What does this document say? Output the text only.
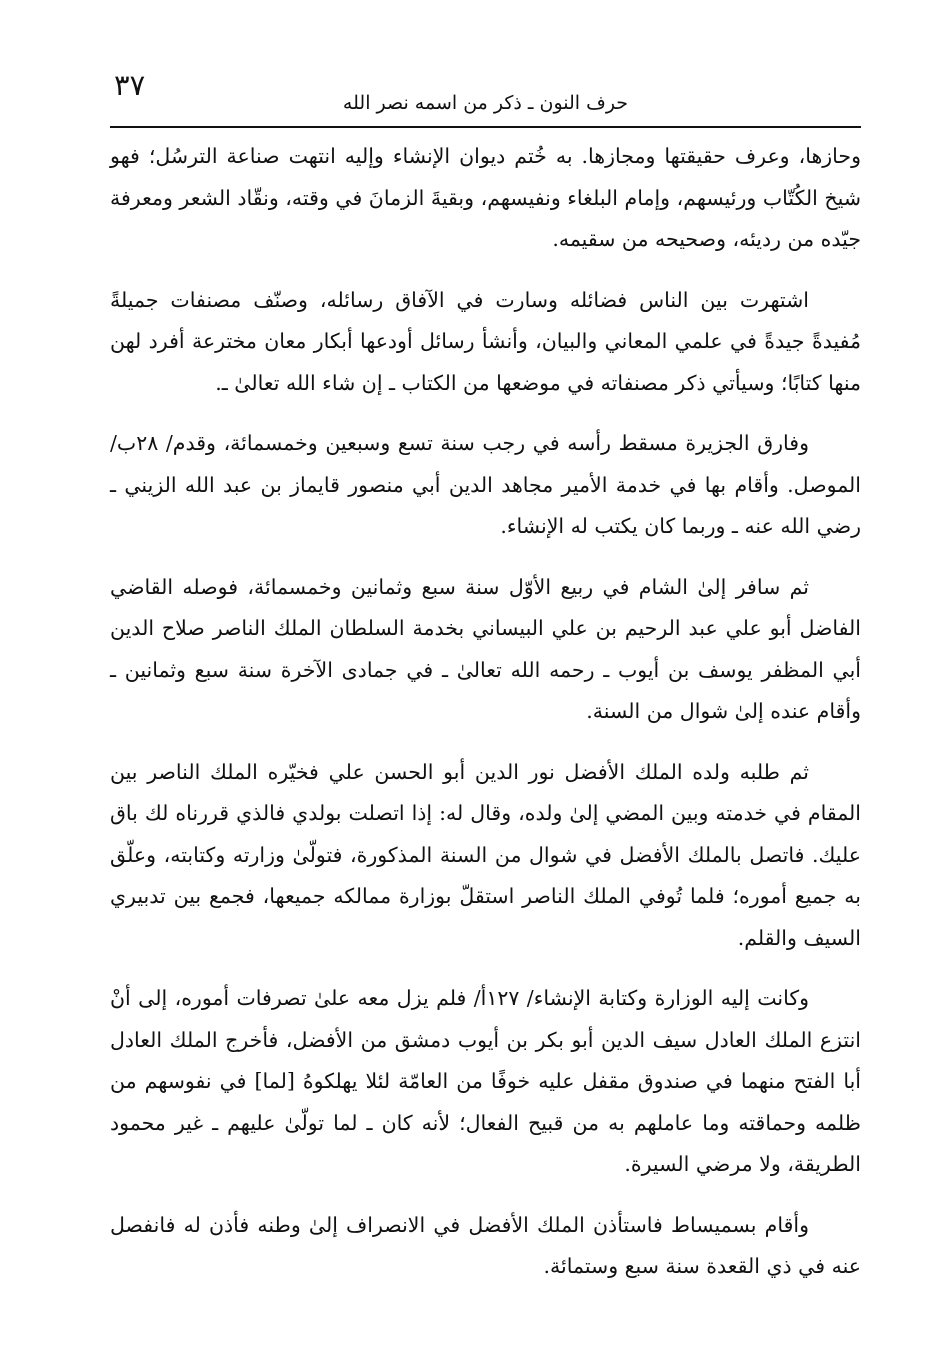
٣٧
حرف النون ـ ذكر من اسمه نصر الله

وحازها، وعرف حقيقتها ومجازها. به خُتم ديوان الإنشاء وإليه انتهت صناعة الترسُل؛ فهو شيخ الكُتّاب ورئيسهم، وإمام البلغاء ونفيسهم، وبقيةَ الزمانَ في وقته، ونقّاد الشعر ومعرفة جيّده من رديئه، وصحيحه من سقيمه.

اشتهرت بين الناس فضائله وسارت في الآفاق رسائله، وصنّف مصنفات جميلةً مُفيدةً جيدةً في علمي المعاني والبيان، وأنشأ رسائل أودعها أبكار معان مخترعة أفرد لهن منها كتابًا؛ وسيأتي ذكر مصنفاته في موضعها من الكتاب ـ إن شاء الله تعالىٰ ـ.

وفارق الجزيرة مسقط رأسه في رجب سنة تسع وسبعين وخمسمائة، وقدم/ ٢٨ب/ الموصل. وأقام بها في خدمة الأمير مجاهد الدين أبي منصور قايماز بن عبد الله الزيني ـ رضي الله عنه ـ وربما كان يكتب له الإنشاء.

ثم سافر إلىٰ الشام في ربيع الأوّل سنة سبع وثمانين وخمسمائة، فوصله القاضي الفاضل أبو علي عبد الرحيم بن علي البيساني بخدمة السلطان الملك الناصر صلاح الدين أبي المظفر يوسف بن أيوب ـ رحمه الله تعالىٰ ـ في جمادى الآخرة سنة سبع وثمانين ـ وأقام عنده إلىٰ شوال من السنة.

ثم طلبه ولده الملك الأفضل نور الدين أبو الحسن علي فخيّره الملك الناصر بين المقام في خدمته وبين المضي إلىٰ ولده، وقال له: إذا اتصلت بولدي فالذي قررناه لك باق عليك. فاتصل بالملك الأفضل في شوال من السنة المذكورة، فتولّىٰ وزارته وكتابته، وعلّق به جميع أموره؛ فلما تُوفي الملك الناصر استقلّ بوزارة ممالكه جميعها، فجمع بين تدبيري السيف والقلم.

وكانت إليه الوزارة وكتابة الإنشاء/ ١٢٧أ/ فلم يزل معه علىٰ تصرفات أموره، إلى أنْ انتزع الملك العادل سيف الدين أبو بكر بن أيوب دمشق من الأفضل، فأخرج الملك العادل أبا الفتح منهما في صندوق مقفل عليه خوفًا من العامّة لئلا يهلكوهُ [لما] في نفوسهم من ظلمه وحماقته وما عاملهم به من قبيح الفعال؛ لأنه كان ـ لما تولّىٰ عليهم ـ غير محمود الطريقة، ولا مرضي السيرة.

وأقام بسميساط فاستأذن الملك الأفضل في الانصراف إلىٰ وطنه فأذن له فانفصل عنه في ذي القعدة سنة سبع وستمائة.
